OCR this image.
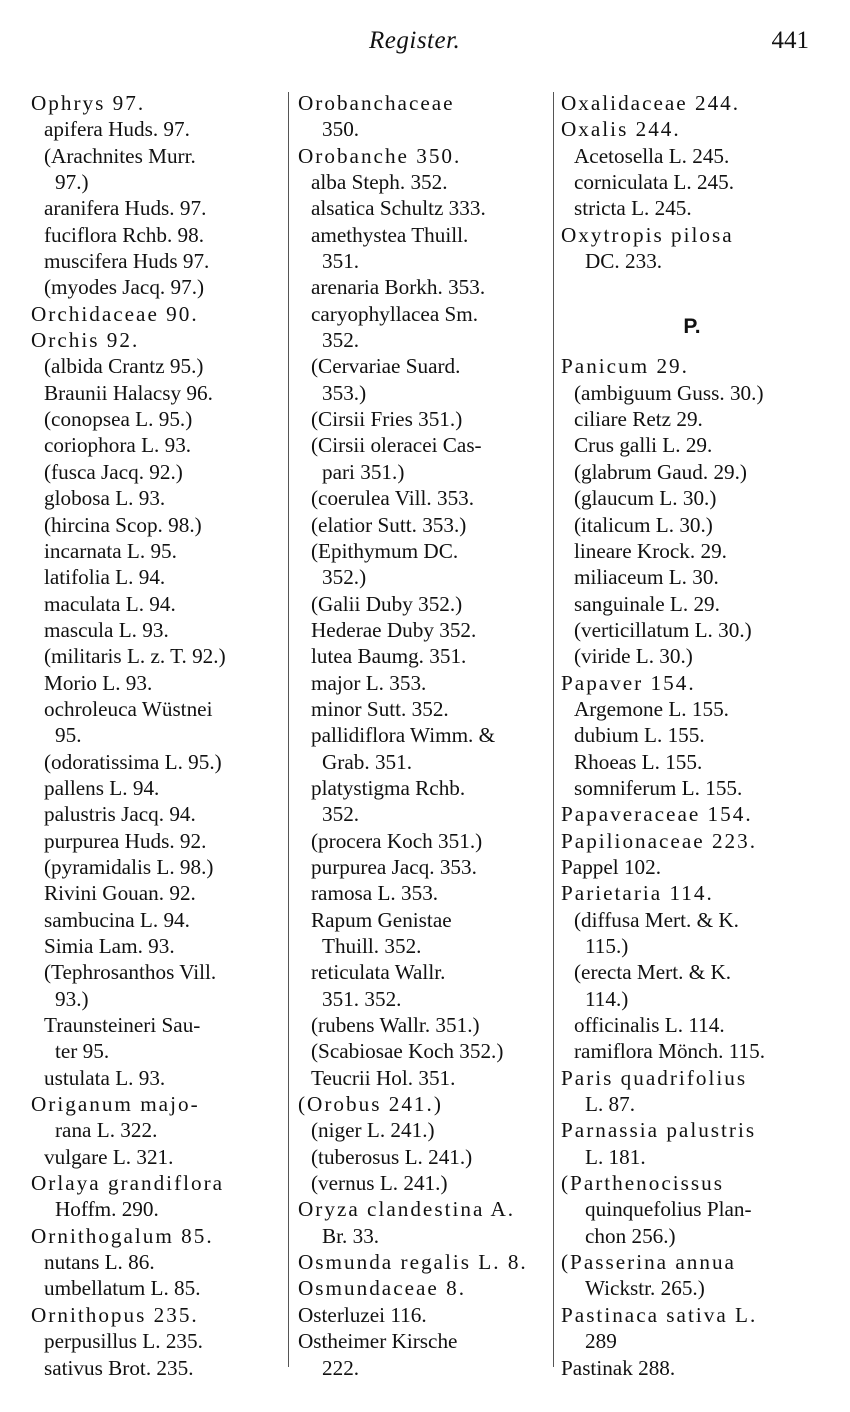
Register.	441
Ophrys 97.
apifera Huds. 97.
(Arachnites Murr.
97.)
aranifera Huds. 97.
fuciflora Rchb. 98.
muscifera Huds 97.
(myodes Jacq. 97.)
Orchidaceae 90.
Orchis 92.
(albida Crantz 95.)
Braunii Halacsy 96.
(conopsea L. 95.)
coriophora L. 93.
(fusca Jacq. 92.)
globosa L. 93.
(hircina Scop. 98.)
incarnata L. 95.
latifolia L. 94.
maculata L. 94.
mascula L. 93.
(militaris L. z. T. 92.)
Morio L. 93.
ochroleuca Wüstnei
95.
(odoratissima L. 95.)
pallens L. 94.
palustris Jacq. 94.
purpurea Huds. 92.
(pyramidalis L. 98.)
Rivini Gouan. 92.
sambucina L. 94.
Simia Lam. 93.
(Tephrosanthos Vill.
93.)
Traunsteineri Sau-
ter 95.
ustulata L. 93.
Origanum majo-
rana L. 322.
vulgare L. 321.
Orlaya grandiflora
Hoffm. 290.
Ornithogalum 85.
nutans L. 86.
umbellatum L. 85.
Ornithopus 235.
perpusillus L. 235.
sativus Brot. 235.
Orobanchaceae
350.
Orobanche 350.
alba Steph. 352.
alsatica Schultz 333.
amethystea Thuill.
351.
arenaria Borkh. 353.
caryophyllacea Sm.
352.
(Cervariae Suard.
353.)
(Cirsii Fries 351.)
(Cirsii oleracei Cas-
pari 351.)
(coerulea Vill. 353.
(elatior Sutt. 353.)
(Epithymum DC.
352.)
(Galii Duby 352.)
Hederae Duby 352.
lutea Baumg. 351.
major L. 353.
minor Sutt. 352.
pallidiflora Wimm. &
Grab. 351.
platystigma Rchb.
352.
(procera Koch 351.)
purpurea Jacq. 353.
ramosa L. 353.
Rapum Genistae
Thuill. 352.
reticulata Wallr.
351. 352.
(rubens Wallr. 351.)
(Scabiosae Koch 352.)
Teucrii Hol. 351.
(Orobus 241.)
(niger L. 241.)
(tuberosus L. 241.)
(vernus L. 241.)
Oryza clandestina A.
Br. 33.
Osmunda regalis L. 8.
Osmundaceae 8.
Osterluzei 116.
Ostheimer Kirsche
222.
Oxalidaceae 244.
Oxalis 244.
Acetosella L. 245.
corniculata L. 245.
stricta L. 245.
Oxytropis pilosa
DC. 233.
P.
Panicum 29.
(ambiguum Guss. 30.)
ciliare Retz 29.
Crus galli L. 29.
(glabrum Gaud. 29.)
(glaucum L. 30.)
(italicum L. 30.)
lineare Krock. 29.
miliaceum L. 30.
sanguinale L. 29.
(verticillatum L. 30.)
(viride L. 30.)
Papaver 154.
Argemone L. 155.
dubium L. 155.
Rhoeas L. 155.
somniferum L. 155.
Papaveraceae 154.
Papilionaceae 223.
Pappel 102.
Parietaria 114.
(diffusa Mert. & K.
115.)
(erecta Mert. & K.
114.)
officinalis L. 114.
ramiflora Mönch. 115.
Paris quadrifolius
L. 87.
Parnassia palustris
L. 181.
(Parthenocissus
quinquefolius Plan-
chon 256.)
(Passerina annua
Wickstr. 265.)
Pastinaca sativa L.
289
Pastinak 288.
